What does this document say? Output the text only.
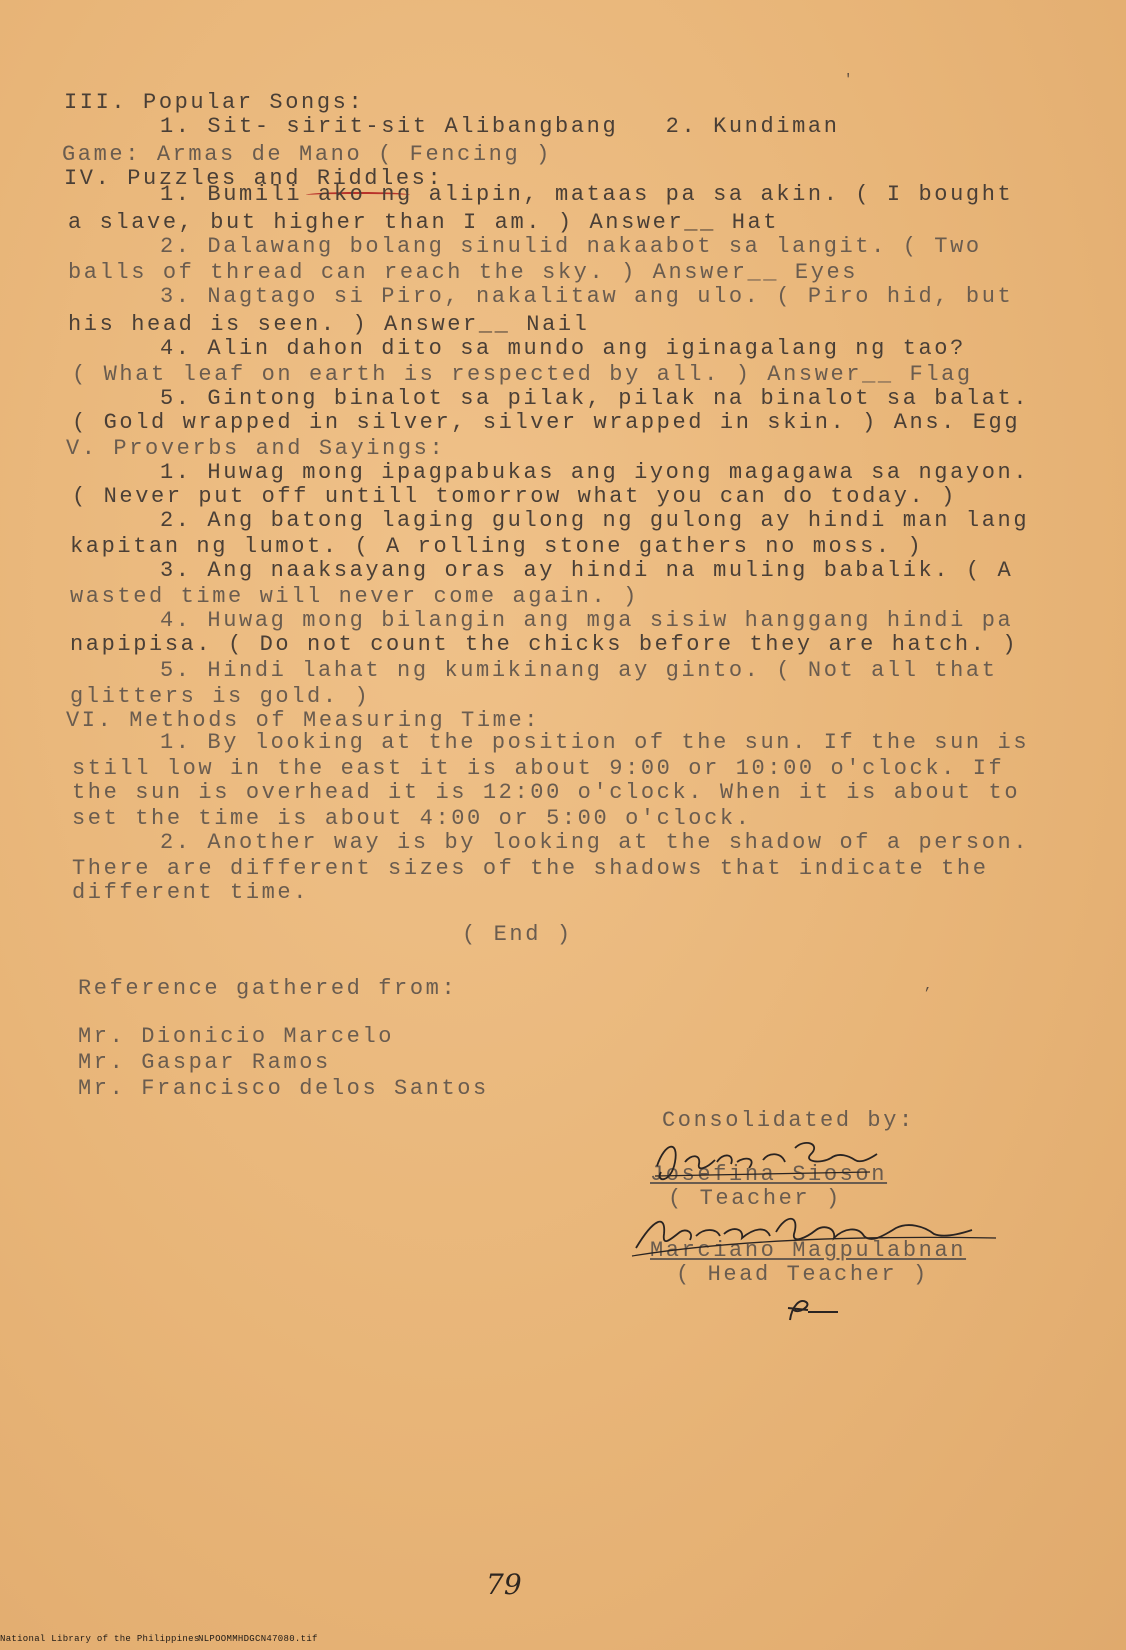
III. Popular Songs:
1. Sit- sirit-sit Alibangbang   2. Kundiman
Game: Armas de Mano ( Fencing )
IV. Puzzles and Riddles:
1. Bumili ako ng alipin, mataas pa sa akin. ( I bought
a slave, but higher than I am. ) Answer__ Hat
2. Dalawang bolang sinulid nakaabot sa langit. ( Two
balls of thread can reach the sky. ) Answer__ Eyes
3. Nagtago si Piro, nakalitaw ang ulo. ( Piro hid, but
his head is seen. ) Answer__ Nail
4. Alin dahon dito sa mundo ang iginagalang ng tao?
( What leaf on earth is respected by all. ) Answer__ Flag
5. Gintong binalot sa pilak, pilak na binalot sa balat.
( Gold wrapped in silver, silver wrapped in skin. ) Ans. Egg
V. Proverbs and Sayings:
1. Huwag mong ipagpabukas ang iyong magagawa sa ngayon.
( Never put off untill tomorrow what you can do today. )
2. Ang batong laging gulong ng gulong ay hindi man lang
kapitan ng lumot. ( A rolling stone gathers no moss. )
3. Ang naaksayang oras ay hindi na muling babalik. ( A
wasted time will never come again. )
4. Huwag mong bilangin ang mga sisiw hanggang hindi pa
napipisa. ( Do not count the chicks before they are hatch. )
5. Hindi lahat ng kumikinang ay ginto. ( Not all that
glitters is gold. )
VI. Methods of Measuring Time:
1. By looking at the position of the sun. If the sun is
still low in the east it is about 9:00 or 10:00 o'clock. If
the sun is overhead it is 12:00 o'clock. When it is about to
set the time is about 4:00 or 5:00 o'clock.
2. Another way is by looking at the shadow of a person.
There are different sizes of the shadows that indicate the
different time.
( End )
Reference gathered from:
Mr. Dionicio Marcelo
Mr. Gaspar Ramos
Mr. Francisco delos Santos
Consolidated by:
Josefina Sioson
( Teacher )
Marciano Magpulabnan
( Head Teacher )
'
,
79
National Library of the Philippines
NLPOOMMHDGCN47080.tif
